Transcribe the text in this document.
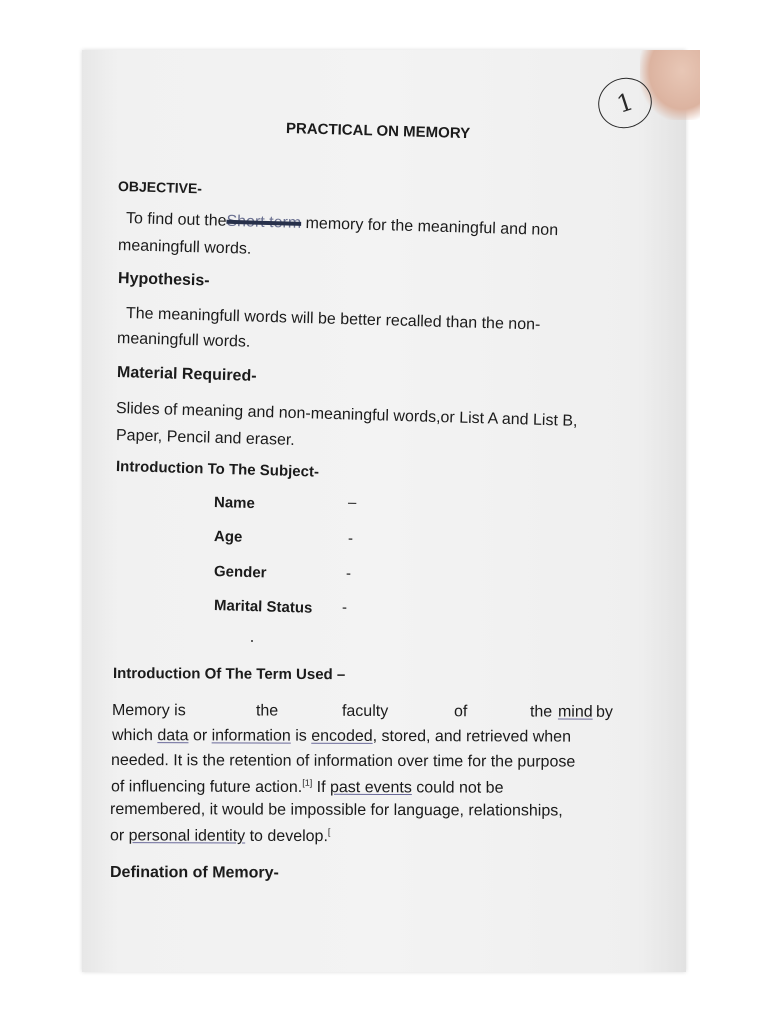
1
PRACTICAL ON MEMORY
OBJECTIVE-
To find out theShort term memory for the meaningful and non
meaningfull words.
Hypothesis-
The meaningfull words will be better recalled than the non-
meaningfull words.
Material Required-
Slides of meaning and non-meaningful words,or List A and List B,
Paper, Pencil and eraser.
Introduction To The Subject-
Name	–
Age	-
Gender	-
Marital Status -
Introduction Of The Term Used –
Memory is	the	faculty	of	the mind by
which data or information is encoded, stored, and retrieved when
needed. It is the retention of information over time for the purpose
of influencing future action.[1] If past events could not be
remembered, it would be impossible for language, relationships,
or personal identity to develop.[
Defination of Memory-
